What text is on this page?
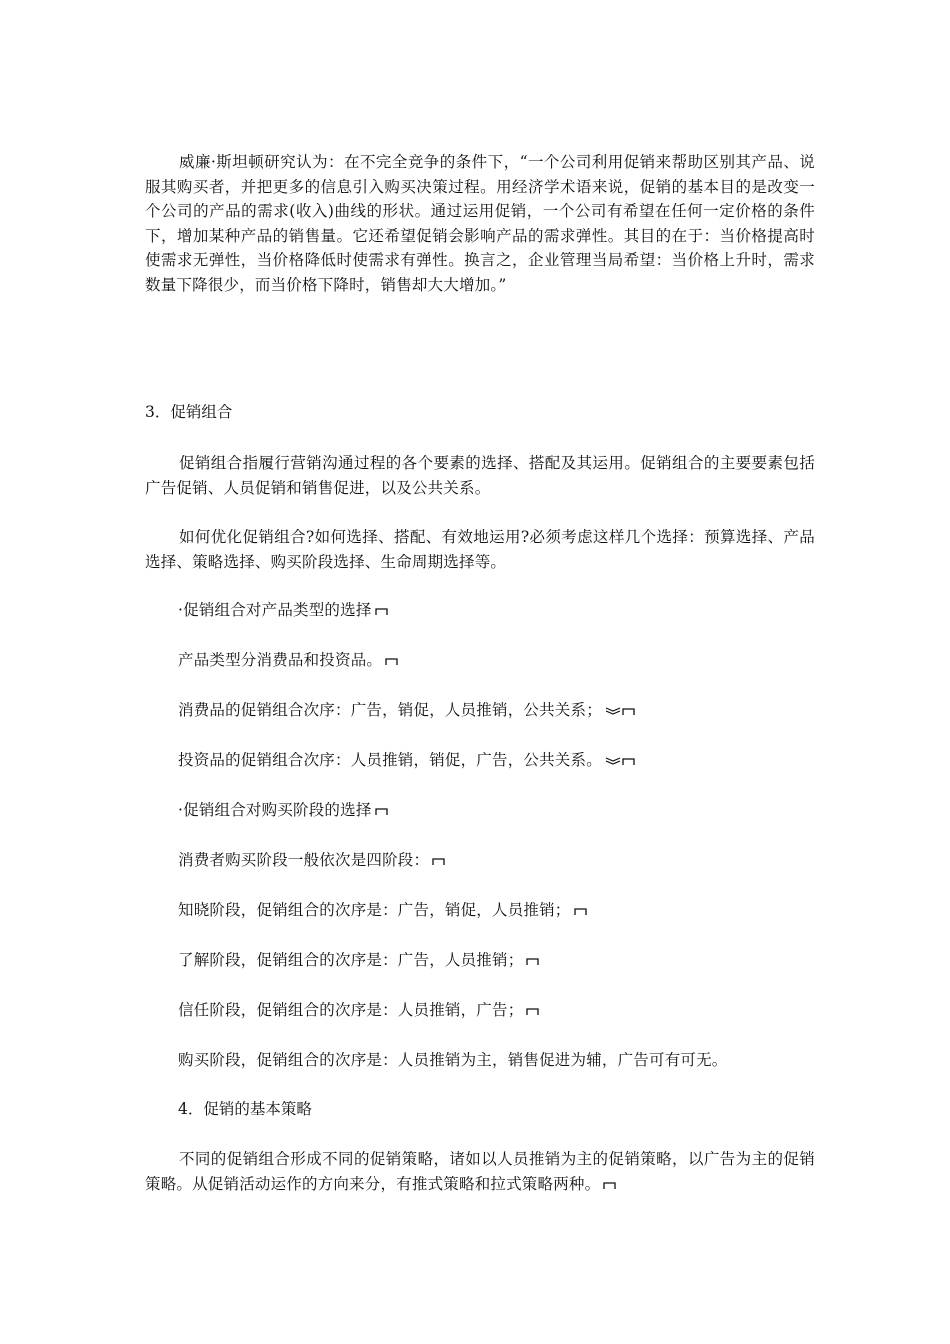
威廉·斯坦顿研究认为：在不完全竞争的条件下，“一个公司利用促销来帮助区别其产品、说服其购买者，并把更多的信息引入购买决策过程。用经济学术语来说，促销的基本目的是改变一个公司的产品的需求(收入)曲线的形状。通过运用促销，一个公司有希望在任何一定价格的条件下，增加某种产品的销售量。它还希望促销会影响产品的需求弹性。其目的在于：当价格提高时使需求无弹性，当价格降低时使需求有弹性。换言之，企业管理当局希望：当价格上升时，需求数量下降很少，而当价格下降时，销售却大大增加。”

3．促销组合

促销组合指履行营销沟通过程的各个要素的选择、搭配及其运用。促销组合的主要要素包括 广告促销、人员促销和销售促进，以及公共关系。

如何优化促销组合?如何选择、搭配、有效地运用?必须考虑这样几个选择：预算选择、产品选择、策略选择、购买阶段选择、生命周期选择等。

·促销组合对产品类型的选择
产品类型分消费品和投资品。
消费品的促销组合次序：广告，销促，人员推销，公共关系；
投资品的促销组合次序：人员推销，销促，广告，公共关系。
·促销组合对购买阶段的选择
消费者购买阶段一般依次是四阶段：
知晓阶段，促销组合的次序是：广告，销促，人员推销；
了解阶段，促销组合的次序是：广告，人员推销；
信任阶段，促销组合的次序是：人员推销，广告；
购买阶段，促销组合的次序是：人员推销为主，销售促进为辅，广告可有可无。

4．促销的基本策略

不同的促销组合形成不同的促销策略，诸如以人员推销为主的促销策略，以广告为主的促销策略。从促销活动运作的方向来分，有推式策略和拉式策略两种。
